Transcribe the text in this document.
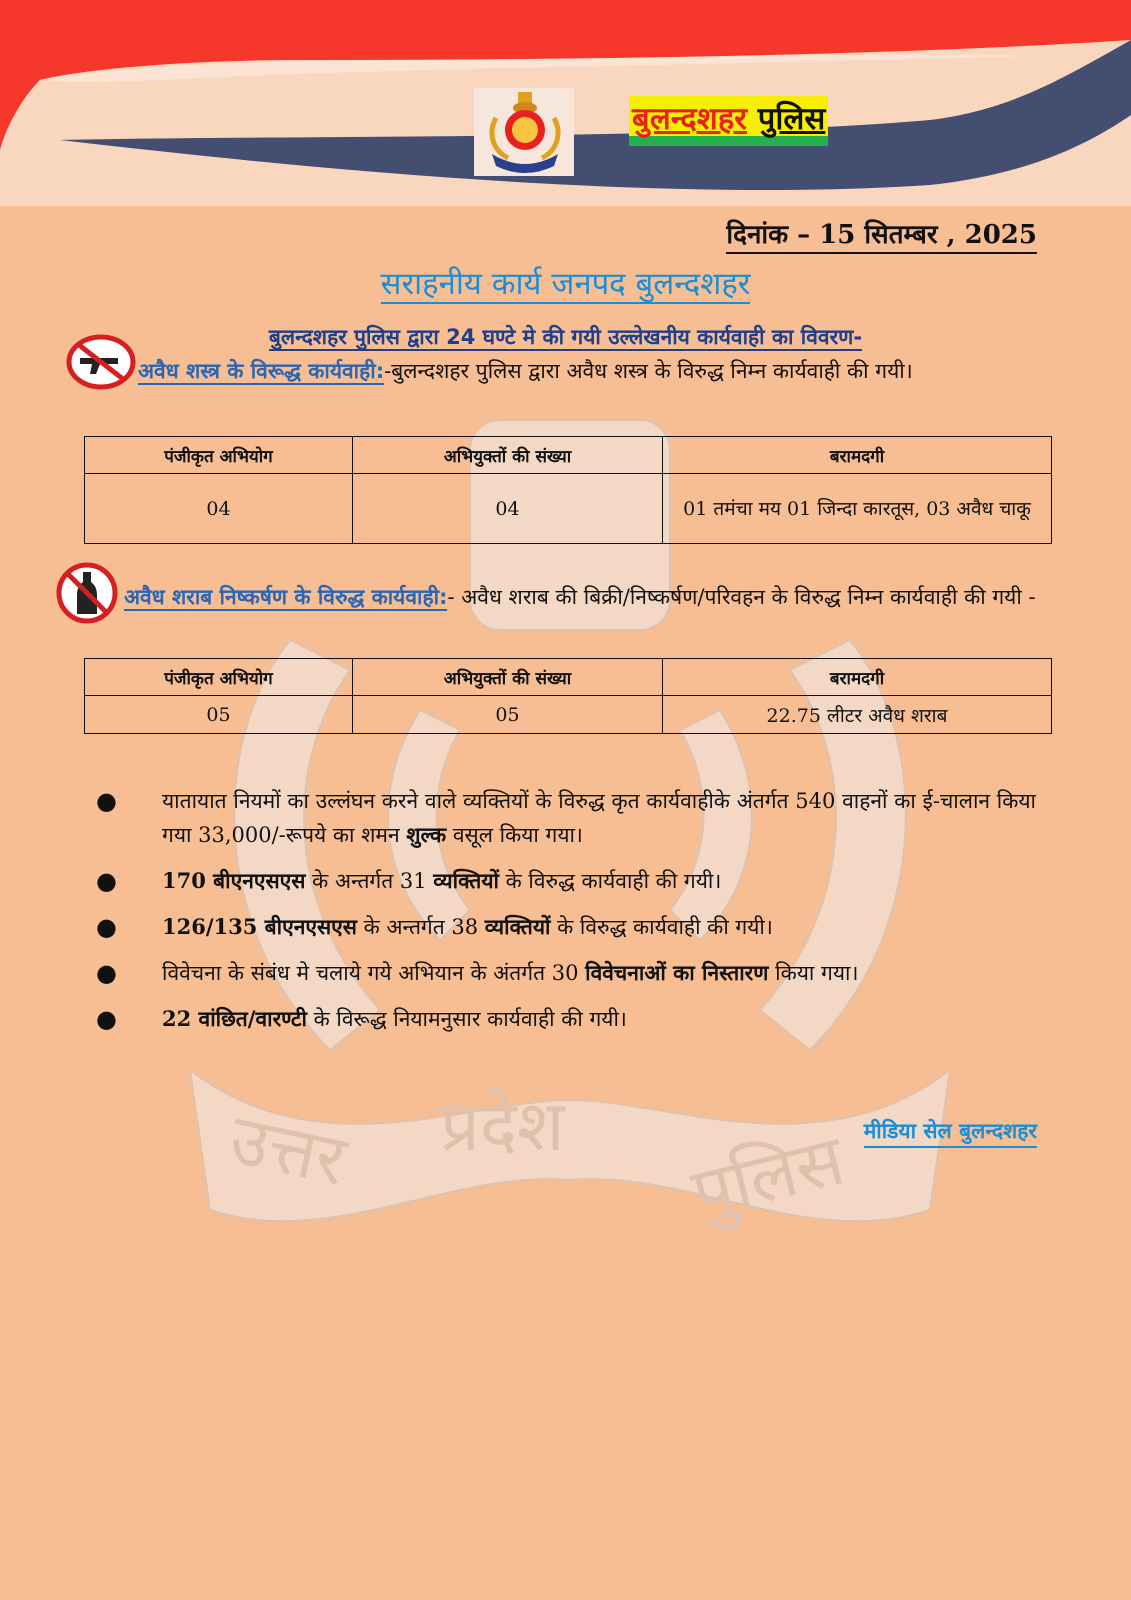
बुलन्दशहर पुलिस
उत्तर प्रदेश पुलिस
दिनांक – 15 सितम्बर , 2025
सराहनीय कार्य जनपद बुलन्दशहर
बुलन्दशहर पुलिस द्वारा 24 घण्टे मे की गयी उल्लेखनीय कार्यवाही का विवरण-
अवैध शस्त्र के विरूद्ध कार्यवाही:-बुलन्दशहर पुलिस द्वारा अवैध शस्त्र के विरुद्ध निम्न कार्यवाही की गयी।
पंजीकृत अभियोग	अभियुक्तों की संख्या	बरामदगी
04	04	01 तमंचा मय 01 जिन्दा कारतूस, 03 अवैध चाकू
अवैध शराब निष्कर्षण के विरुद्ध कार्यवाही:- अवैध शराब की बिक्री/निष्कर्षण/परिवहन के विरुद्ध निम्न कार्यवाही की गयी -
पंजीकृत अभियोग	अभियुक्तों की संख्या	बरामदगी
05	05	22.75 लीटर अवैध शराब
● यातायात नियमों का उल्लंघन करने वाले व्यक्तियों के विरुद्ध कृत कार्यवाहीके अंतर्गत 540 वाहनों का ई-चालान किया गया 33,000/-रूपये का शमन शुल्क वसूल किया गया।
● 170 बीएनएसएस के अन्तर्गत 31 व्यक्तियों के विरुद्ध कार्यवाही की गयी।
● 126/135 बीएनएसएस के अन्तर्गत 38 व्यक्तियों के विरुद्ध कार्यवाही की गयी।
● विवेचना के संबंध मे चलाये गये अभियान के अंतर्गत 30 विवेचनाओं का निस्तारण किया गया।
● 22 वांछित/वारण्टी के विरूद्ध नियामनुसार कार्यवाही की गयी।
मीडिया सेल बुलन्दशहर
